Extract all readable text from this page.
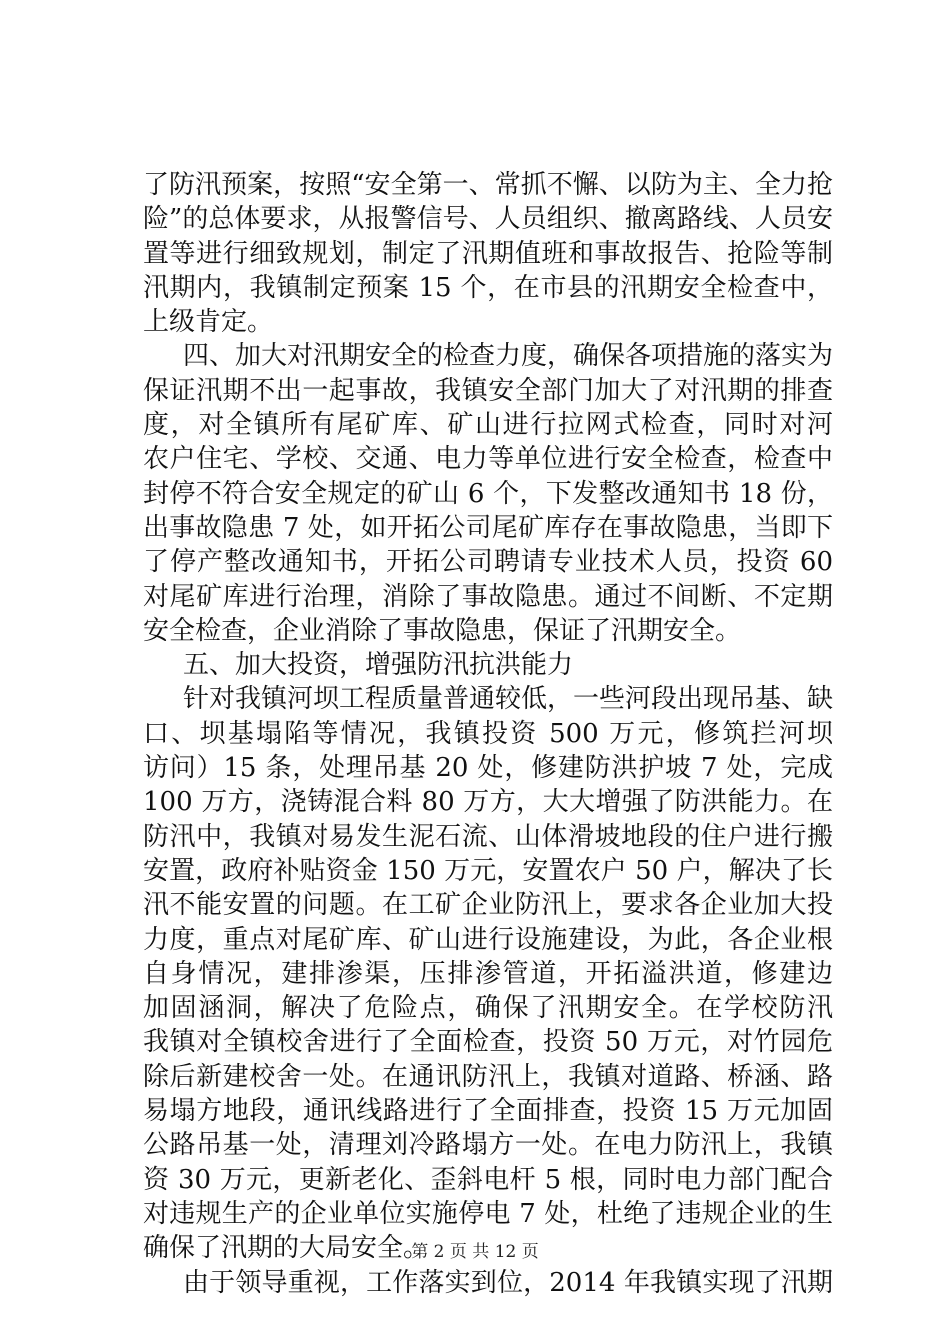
了防汛预案，按照“安全第一、常抓不懈、以防为主、全力抢
险”的总体要求，从报警信号、人员组织、撤离路线、人员安
置等进行细致规划，制定了汛期值班和事故报告、抢险等制
汛期内，我镇制定预案 15 个，在市县的汛期安全检查中，
上级肯定。
四、加大对汛期安全的检查力度，确保各项措施的落实为
保证汛期不出一起事故，我镇安全部门加大了对汛期的排查
度，对全镇所有尾矿库、矿山进行拉网式检查，同时对河
农户住宅、学校、交通、电力等单位进行安全检查，检查中
封停不符合安全规定的矿山 6 个，下发整改通知书 18 份，
出事故隐患 7 处，如开拓公司尾矿库存在事故隐患，当即下
了停产整改通知书，开拓公司聘请专业技术人员，投资 60
对尾矿库进行治理，消除了事故隐患。通过不间断、不定期
安全检查，企业消除了事故隐患，保证了汛期安全。
五、加大投资，增强防汛抗洪能力
针对我镇河坝工程质量普通较低，一些河段出现吊基、缺
口、坝基塌陷等情况，我镇投资 500 万元，修筑拦河坝
访问）15 条，处理吊基 20 处，修建防洪护坡 7 处，完成
100 万方，浇铸混合料 80 万方，大大增强了防洪能力。在
防汛中，我镇对易发生泥石流、山体滑坡地段的住户进行搬
安置，政府补贴资金 150 万元，安置农户 50 户，解决了长
汛不能安置的问题。在工矿企业防汛上，要求各企业加大投
力度，重点对尾矿库、矿山进行设施建设，为此，各企业根
自身情况，建排渗渠，压排渗管道，开拓溢洪道，修建边
加固涵洞，解决了危险点，确保了汛期安全。在学校防汛
我镇对全镇校舍进行了全面检查，投资 50 万元，对竹园危
除后新建校舍一处。在通讯防汛上，我镇对道路、桥涵、路
易塌方地段，通讯线路进行了全面排查，投资 15 万元加固
公路吊基一处，清理刘冷路塌方一处。在电力防汛上，我镇
资 30 万元，更新老化、歪斜电杆 5 根，同时电力部门配合
对违规生产的企业单位实施停电 7 处，杜绝了违规企业的生
确保了汛期的大局安全。
由于领导重视，工作落实到位，2014 年我镇实现了汛期
第 2 页 共 12 页
